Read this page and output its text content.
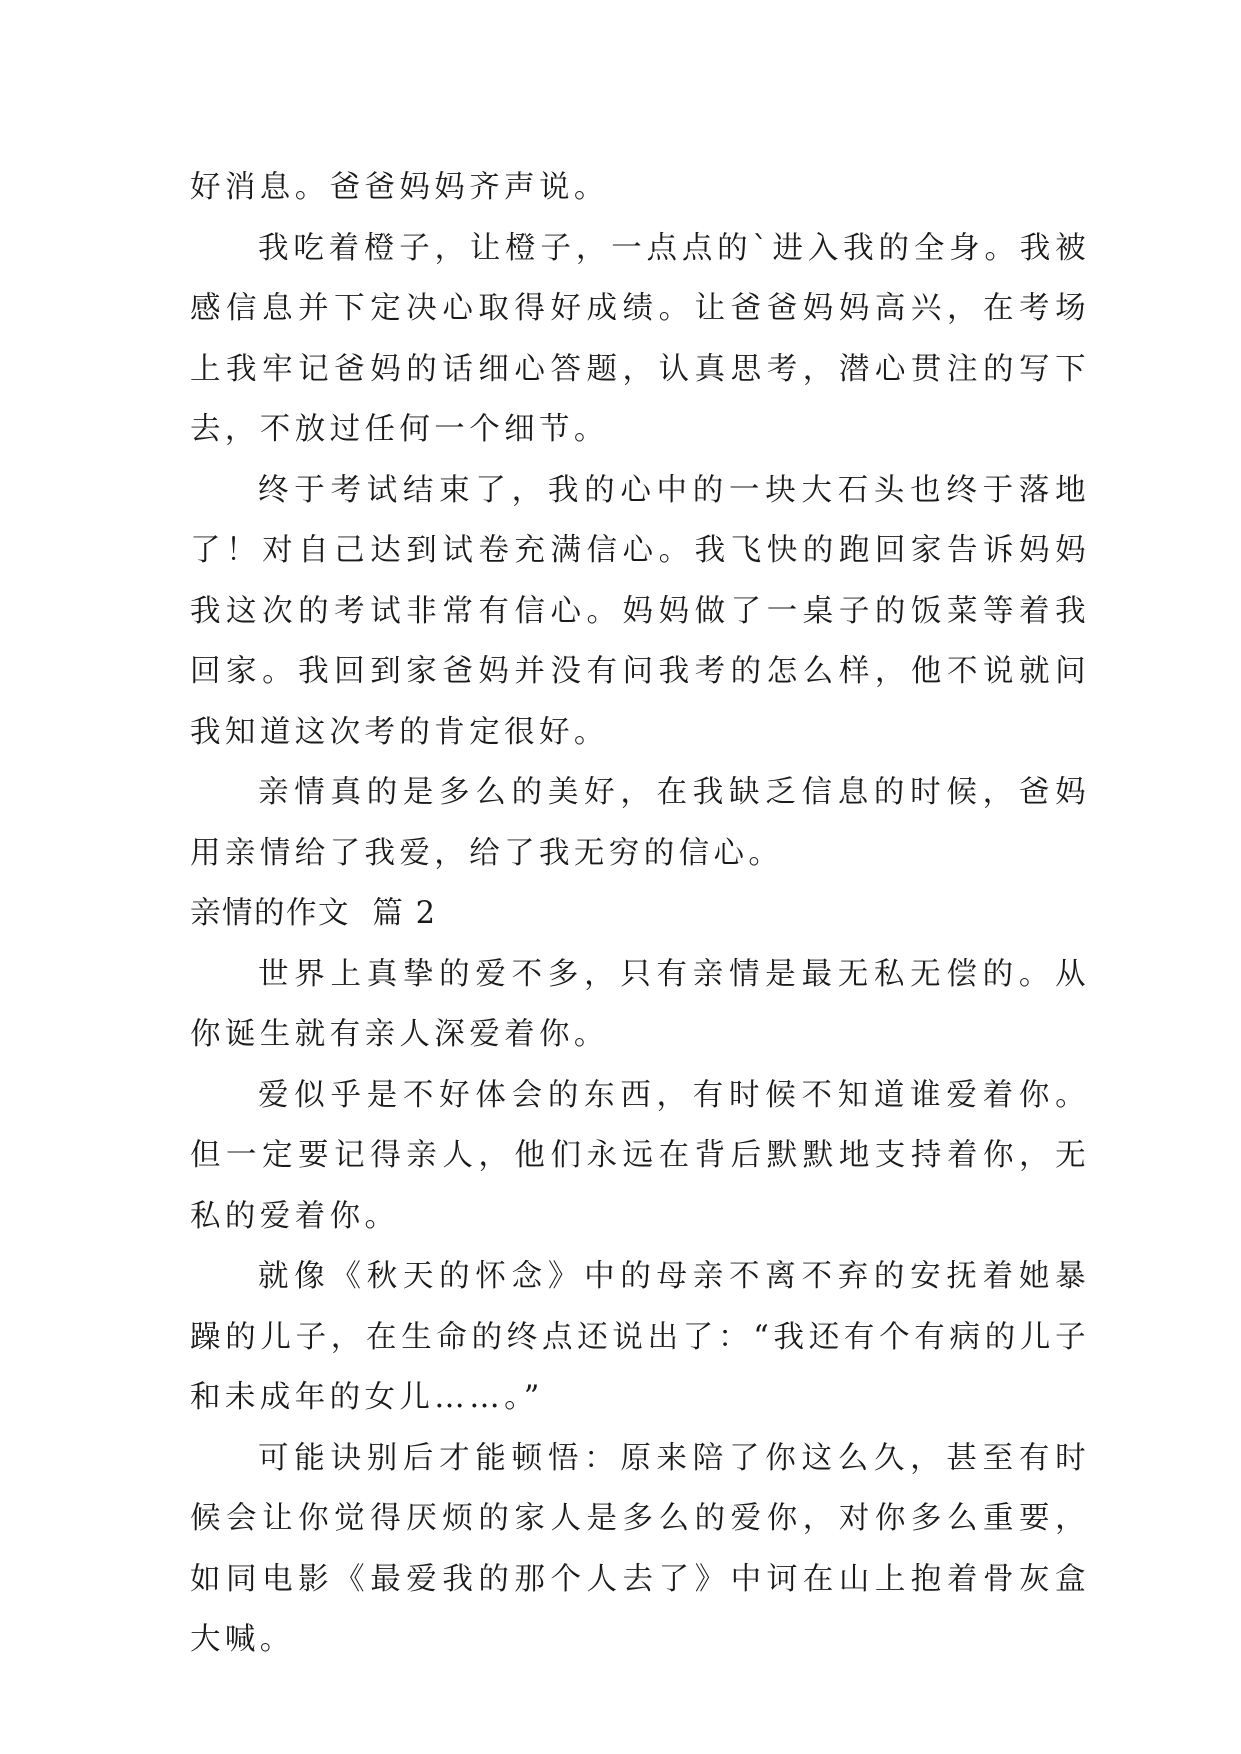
好消息。爸爸妈妈齐声说。

我吃着橙子，让橙子，一点点的`进入我的全身。我被感信息并下定决心取得好成绩。让爸爸妈妈高兴，在考场上我牢记爸妈的话细心答题，认真思考，潜心贯注的写下去，不放过任何一个细节。

终于考试结束了，我的心中的一块大石头也终于落地了！对自己达到试卷充满信心。我飞快的跑回家告诉妈妈我这次的考试非常有信心。妈妈做了一桌子的饭菜等着我回家。我回到家爸妈并没有问我考的怎么样，他不说就问我知道这次考的肯定很好。

亲情真的是多么的美好，在我缺乏信息的时候，爸妈用亲情给了我爱，给了我无穷的信心。

亲情的作文  篇 2

世界上真挚的爱不多，只有亲情是最无私无偿的。从你诞生就有亲人深爱着你。

爱似乎是不好体会的东西，有时候不知道谁爱着你。但一定要记得亲人，他们永远在背后默默地支持着你，无私的爱着你。

就像《秋天的怀念》中的母亲不离不弃的安抚着她暴躁的儿子，在生命的终点还说出了：“我还有个有病的儿子和未成年的女儿……。”

可能诀别后才能顿悟：原来陪了你这么久，甚至有时候会让你觉得厌烦的家人是多么的爱你，对你多么重要，如同电影《最爱我的那个人去了》中诃在山上抱着骨灰盒大喊。
